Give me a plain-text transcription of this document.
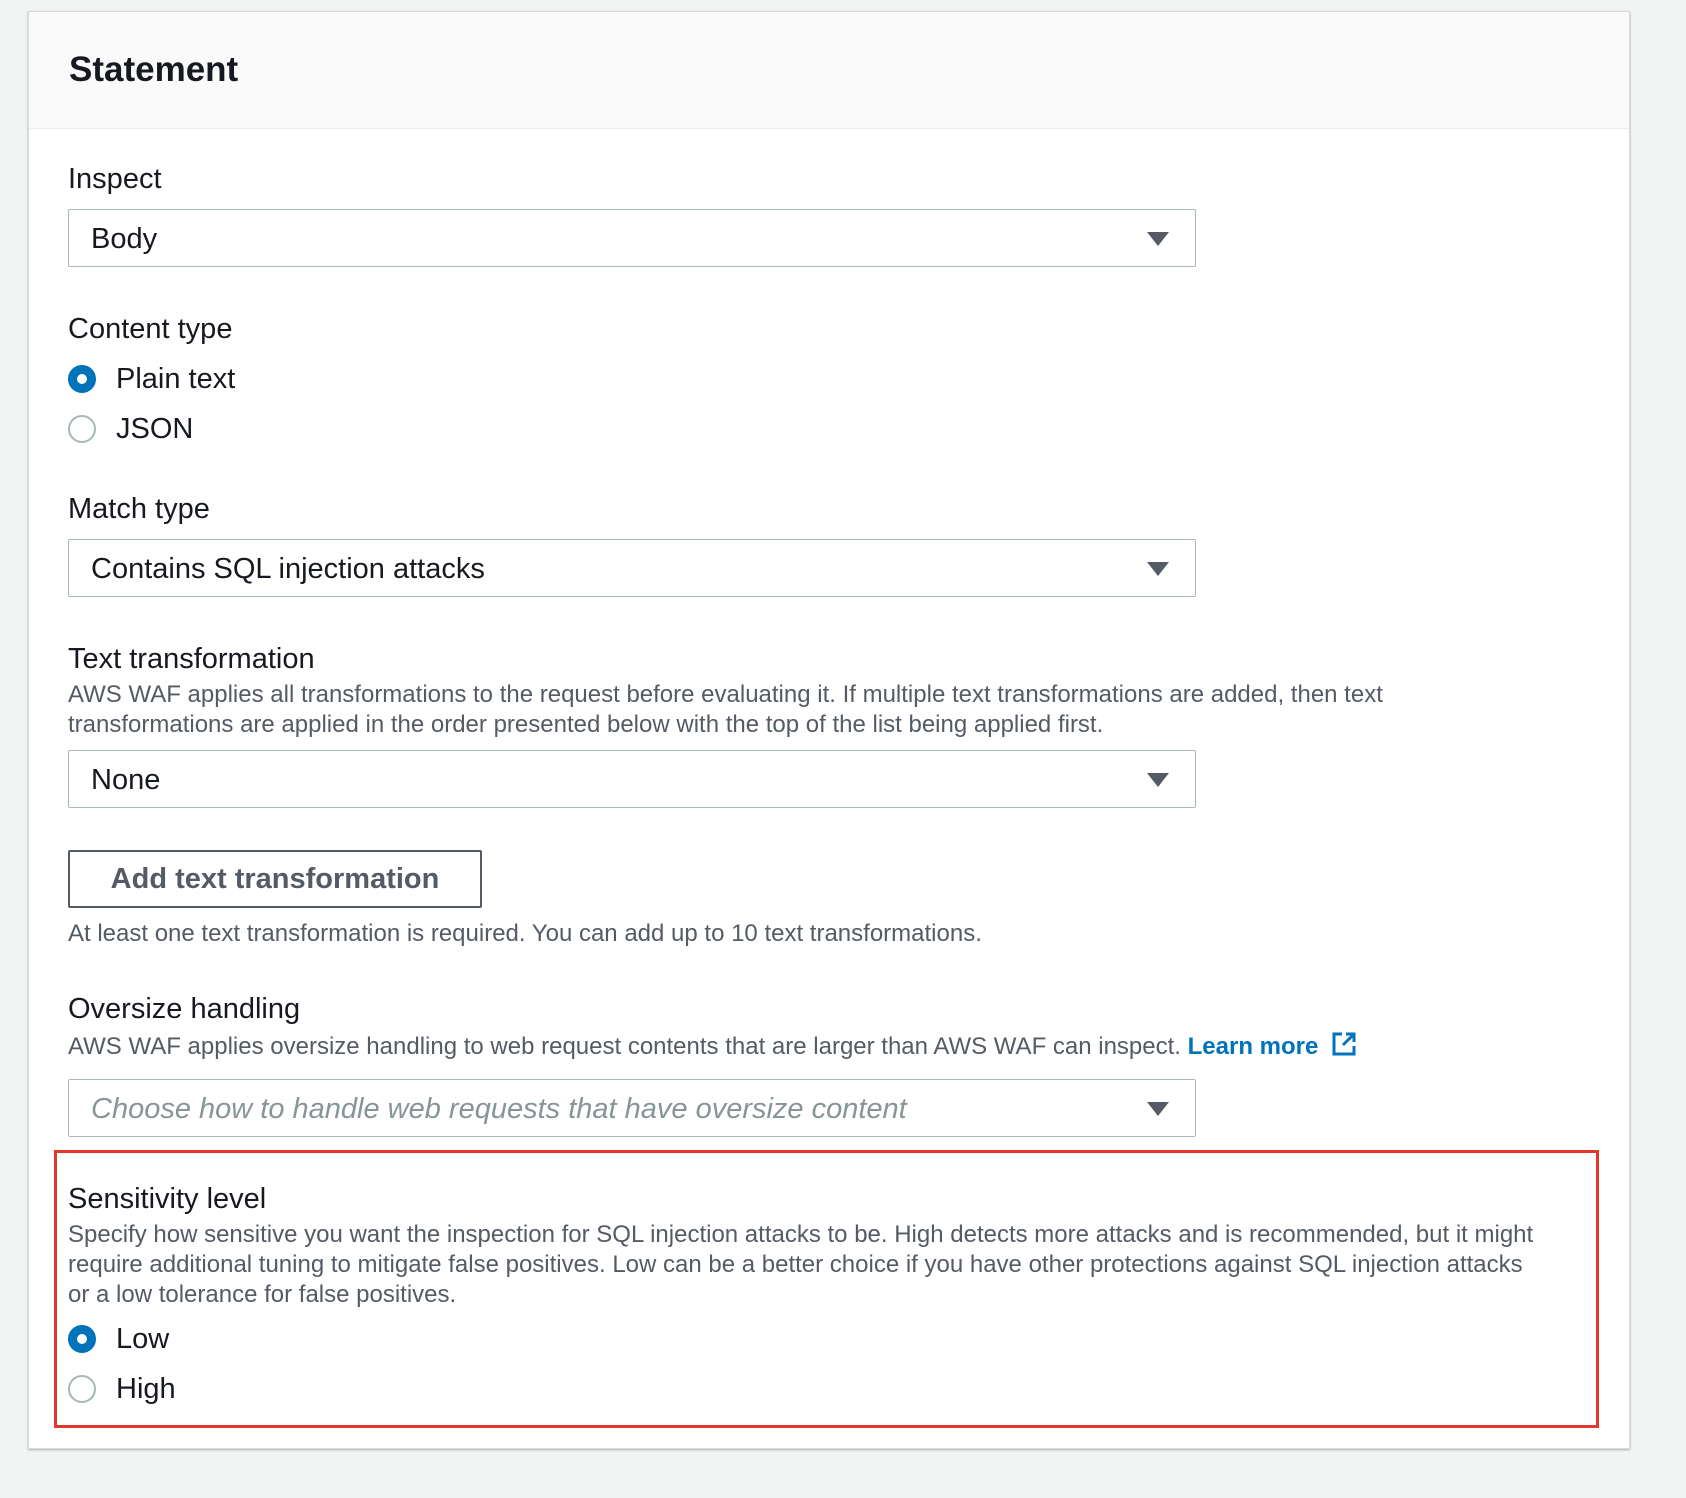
Statement
Inspect
Body
Content type
Plain text
JSON
Match type
Contains SQL injection attacks
Text transformation
AWS WAF applies all transformations to the request before evaluating it. If multiple text transformations are added, then text
transformations are applied in the order presented below with the top of the list being applied first.
None
Add text transformation
At least one text transformation is required. You can add up to 10 text transformations.
Oversize handling
AWS WAF applies oversize handling to web request contents that are larger than AWS WAF can inspect. Learn more
Choose how to handle web requests that have oversize content
Sensitivity level
Specify how sensitive you want the inspection for SQL injection attacks to be. High detects more attacks and is recommended, but it might
require additional tuning to mitigate false positives. Low can be a better choice if you have other protections against SQL injection attacks
or a low tolerance for false positives.
Low
High
